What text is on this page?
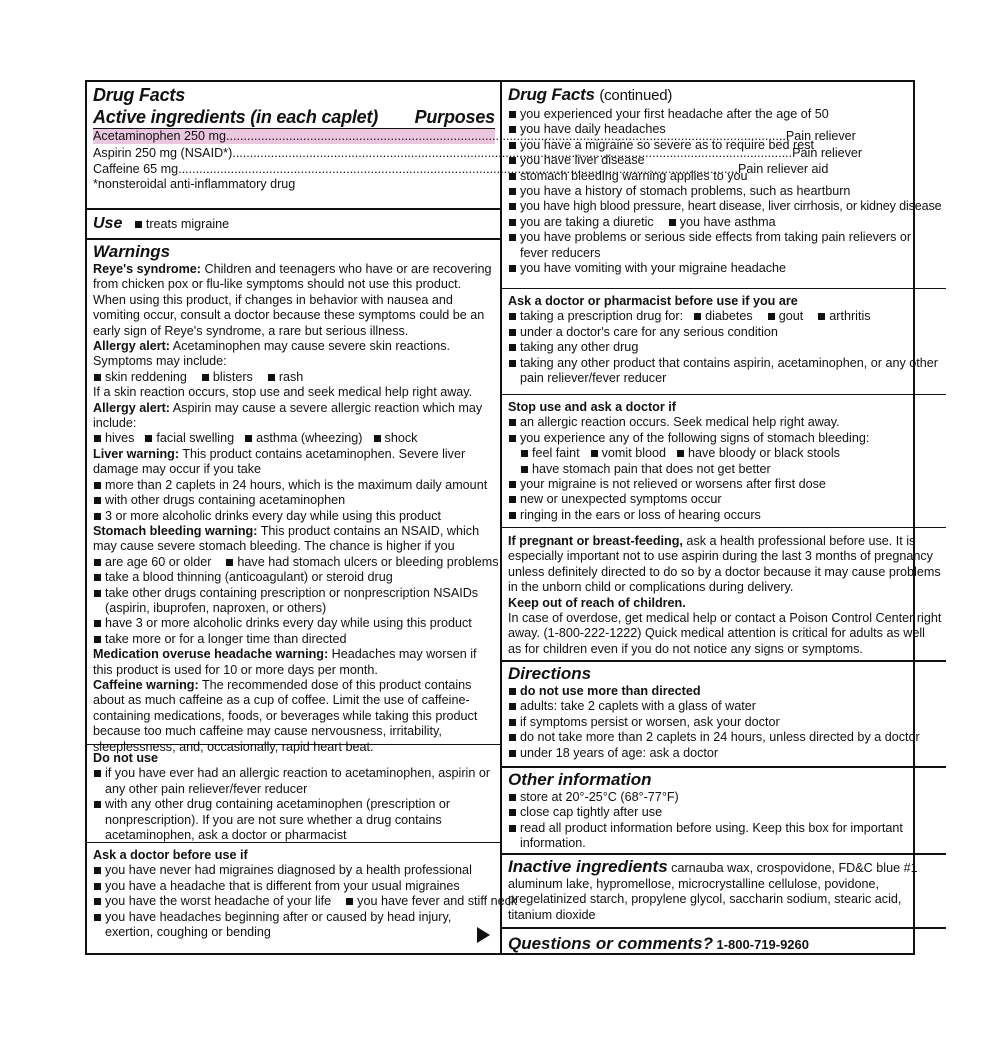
Drug Facts
Active ingredients (in each caplet) Purposes
Acetaminophen 250 mg .....	Pain reliever
Aspirin 250 mg (NSAID*) .....	Pain reliever
Caffeine 65 mg .....	Pain reliever aid
*nonsteroidal anti-inflammatory drug
Use treats migraine
Warnings
Reye's syndrome: Children and teenagers who have or are recovering from chicken pox or flu-like symptoms should not use this product. When using this product, if changes in behavior with nausea and vomiting occur, consult a doctor because these symptoms could be an early sign of Reye's syndrome, a rare but serious illness.
Allergy alert: Acetaminophen may cause severe skin reactions. Symptoms may include:
skin reddening blisters rash
If a skin reaction occurs, stop use and seek medical help right away.
Allergy alert: Aspirin may cause a severe allergic reaction which may include:
hives facial swelling asthma (wheezing) shock
Liver warning: This product contains acetaminophen. Severe liver damage may occur if you take
more than 2 caplets in 24 hours, which is the maximum daily amount
with other drugs containing acetaminophen
3 or more alcoholic drinks every day while using this product
Stomach bleeding warning: This product contains an NSAID, which may cause severe stomach bleeding. The chance is higher if you
are age 60 or older have had stomach ulcers or bleeding problems
take a blood thinning (anticoagulant) or steroid drug
take other drugs containing prescription or nonprescription NSAIDs
(aspirin, ibuprofen, naproxen, or others)
have 3 or more alcoholic drinks every day while using this product
take more or for a longer time than directed
Medication overuse headache warning: Headaches may worsen if this product is used for 10 or more days per month.
Caffeine warning: The recommended dose of this product contains about as much caffeine as a cup of coffee. Limit the use of caffeine-containing medications, foods, or beverages while taking this product because too much caffeine may cause nervousness, irritability, sleeplessness, and, occasionally, rapid heart beat.
Do not use
if you have ever had an allergic reaction to acetaminophen, aspirin or any other pain reliever/fever reducer
with any other drug containing acetaminophen (prescription or nonprescription). If you are not sure whether a drug contains acetaminophen, ask a doctor or pharmacist
Ask a doctor before use if
you have never had migraines diagnosed by a health professional
you have a headache that is different from your usual migraines
you have the worst headache of your life you have fever and stiff neck
you have headaches beginning after or caused by head injury, exertion, coughing or bending
Drug Facts (continued)
you experienced your first headache after the age of 50
you have daily headaches
you have a migraine so severe as to require bed rest
you have liver disease
stomach bleeding warning applies to you
you have a history of stomach problems, such as heartburn
you have high blood pressure, heart disease, liver cirrhosis, or kidney disease
you are taking a diuretic you have asthma
you have problems or serious side effects from taking pain relievers or fever reducers
you have vomiting with your migraine headache
Ask a doctor or pharmacist before use if you are
taking a prescription drug for: diabetes gout arthritis
under a doctor's care for any serious condition
taking any other drug
taking any other product that contains aspirin, acetaminophen, or any other pain reliever/fever reducer
Stop use and ask a doctor if
an allergic reaction occurs. Seek medical help right away.
you experience any of the following signs of stomach bleeding:
feel faint vomit blood have bloody or black stools
have stomach pain that does not get better
your migraine is not relieved or worsens after first dose
new or unexpected symptoms occur
ringing in the ears or loss of hearing occurs
If pregnant or breast-feeding, ask a health professional before use. It is especially important not to use aspirin during the last 3 months of pregnancy unless definitely directed to do so by a doctor because it may cause problems in the unborn child or complications during delivery.
Keep out of reach of children.
In case of overdose, get medical help or contact a Poison Control Center right away. (1-800-222-1222) Quick medical attention is critical for adults as well as for children even if you do not notice any signs or symptoms.
Directions
do not use more than directed
adults: take 2 caplets with a glass of water
if symptoms persist or worsen, ask your doctor
do not take more than 2 caplets in 24 hours, unless directed by a doctor
under 18 years of age: ask a doctor
Other information
store at 20°-25°C (68°-77°F)
close cap tightly after use
read all product information before using. Keep this box for important information.
Inactive ingredients carnauba wax, crospovidone, FD&C blue #1 aluminum lake, hypromellose, microcrystalline cellulose, povidone, pregelatinized starch, propylene glycol, saccharin sodium, stearic acid, titanium dioxide
Questions or comments? 1-800-719-9260
